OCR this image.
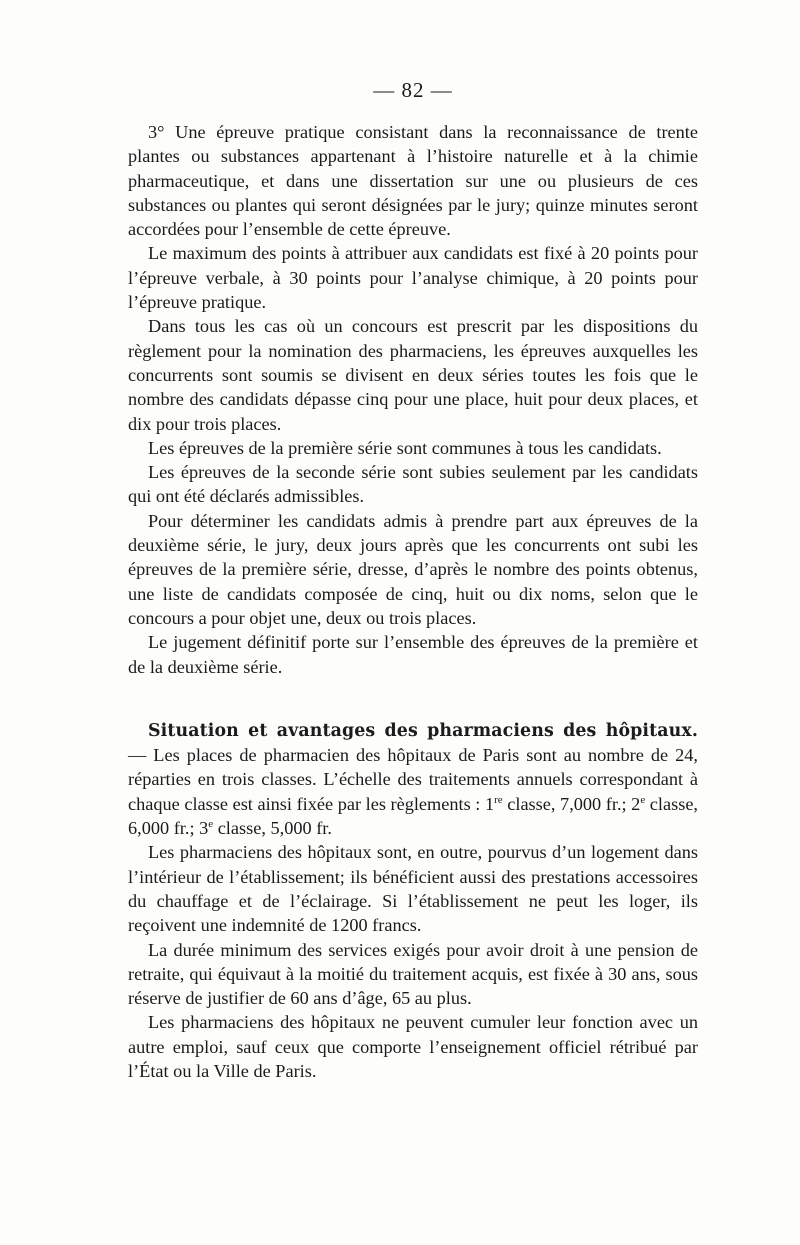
— 82 —

3° Une épreuve pratique consistant dans la reconnaissance de trente plantes ou substances appartenant à l’histoire naturelle et à la chimie pharmaceutique, et dans une dissertation sur une ou plusieurs de ces substances ou plantes qui seront désignées par le jury; quinze minutes seront accordées pour l’ensemble de cette épreuve.

Le maximum des points à attribuer aux candidats est fixé à 20 points pour l’épreuve verbale, à 30 points pour l’analyse chimique, à 20 points pour l’épreuve pratique.

Dans tous les cas où un concours est prescrit par les dispositions du règlement pour la nomination des pharmaciens, les épreuves auxquelles les concurrents sont soumis se divisent en deux séries toutes les fois que le nombre des candidats dépasse cinq pour une place, huit pour deux places, et dix pour trois places.

Les épreuves de la première série sont communes à tous les candidats.

Les épreuves de la seconde série sont subies seulement par les candidats qui ont été déclarés admissibles.

Pour déterminer les candidats admis à prendre part aux épreuves de la deuxième série, le jury, deux jours après que les concurrents ont subi les épreuves de la première série, dresse, d’après le nombre des points obtenus, une liste de candidats composée de cinq, huit ou dix noms, selon que le concours a pour objet une, deux ou trois places.

Le jugement définitif porte sur l’ensemble des épreuves de la première et de la deuxième série.

Situation et avantages des pharmaciens des hôpitaux. — Les places de pharmacien des hôpitaux de Paris sont au nombre de 24, réparties en trois classes. L’échelle des traitements annuels correspondant à chaque classe est ainsi fixée par les règlements : 1re classe, 7,000 fr.; 2e classe, 6,000 fr.; 3e classe, 5,000 fr.

Les pharmaciens des hôpitaux sont, en outre, pourvus d’un logement dans l’intérieur de l’établissement; ils bénéficient aussi des prestations accessoires du chauffage et de l’éclairage. Si l’établissement ne peut les loger, ils reçoivent une indemnité de 1200 francs.

La durée minimum des services exigés pour avoir droit à une pension de retraite, qui équivaut à la moitié du traitement acquis, est fixée à 30 ans, sous réserve de justifier de 60 ans d’âge, 65 au plus.

Les pharmaciens des hôpitaux ne peuvent cumuler leur fonction avec un autre emploi, sauf ceux que comporte l’enseignement officiel rétribué par l’État ou la Ville de Paris.
